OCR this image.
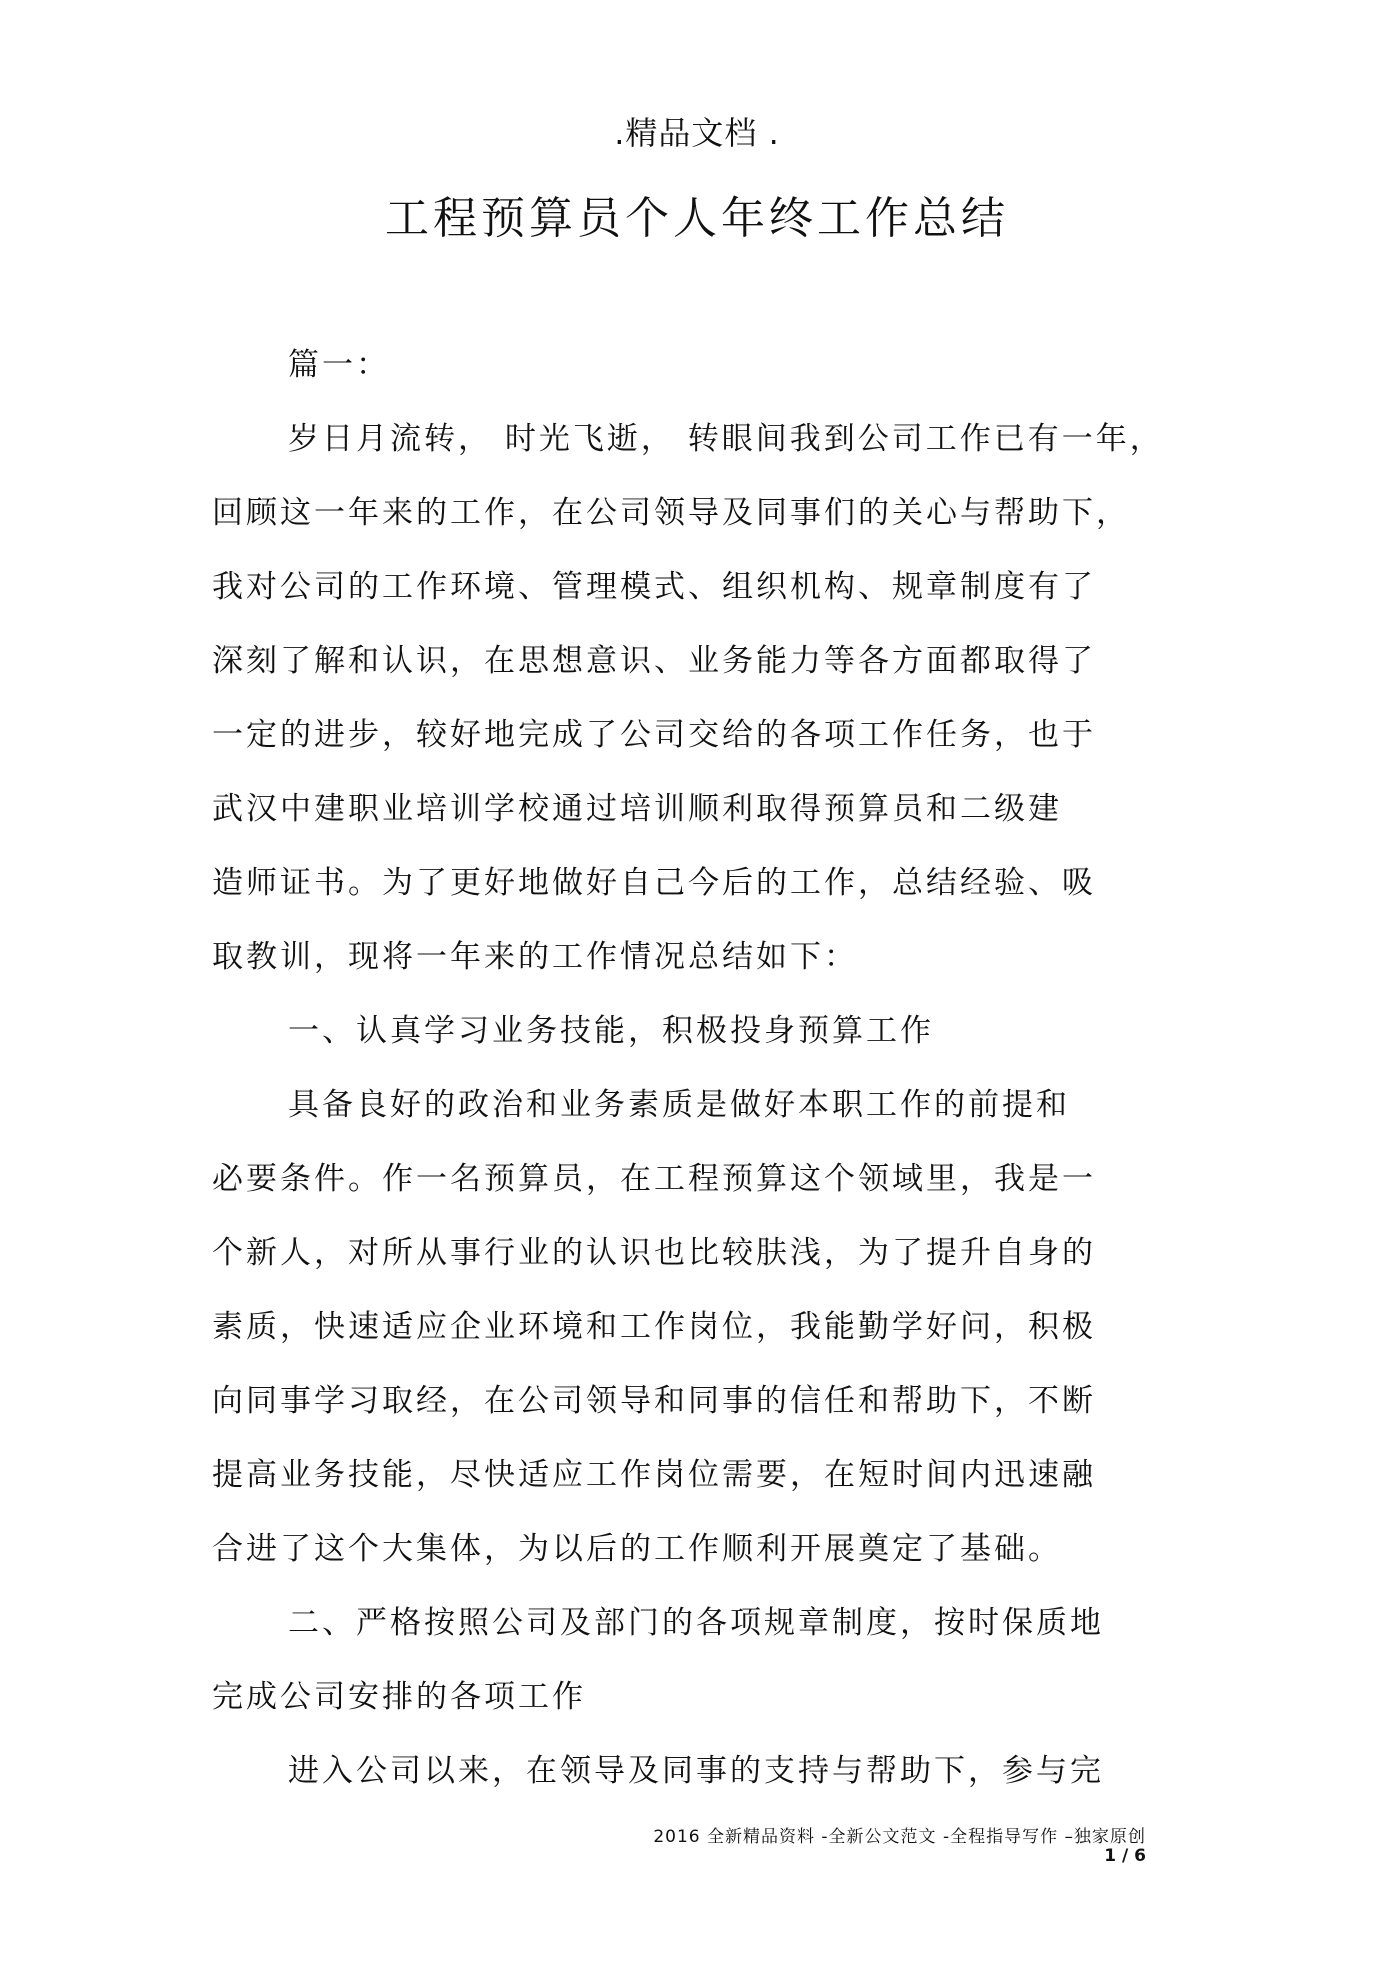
.精品文档 .
工程预算员个人年终工作总结
篇一：
岁日月流转， 时光飞逝， 转眼间我到公司工作已有一年，
回顾这一年来的工作，在公司领导及同事们的关心与帮助下，
我对公司的工作环境、管理模式、组织机构、规章制度有了
深刻了解和认识，在思想意识、业务能力等各方面都取得了
一定的进步，较好地完成了公司交给的各项工作任务，也于
武汉中建职业培训学校通过培训顺利取得预算员和二级建
造师证书。为了更好地做好自己今后的工作，总结经验、吸
取教训，现将一年来的工作情况总结如下：
一、认真学习业务技能，积极投身预算工作
具备良好的政治和业务素质是做好本职工作的前提和
必要条件。作一名预算员，在工程预算这个领域里，我是一
个新人，对所从事行业的认识也比较肤浅，为了提升自身的
素质，快速适应企业环境和工作岗位，我能勤学好问，积极
向同事学习取经，在公司领导和同事的信任和帮助下，不断
提高业务技能，尽快适应工作岗位需要，在短时间内迅速融
合进了这个大集体，为以后的工作顺利开展奠定了基础。
二、严格按照公司及部门的各项规章制度，按时保质地
完成公司安排的各项工作
进入公司以来，在领导及同事的支持与帮助下，参与完
2016 全新精品资料 -全新公文范文 -全程指导写作 –独家原创
1 / 6
